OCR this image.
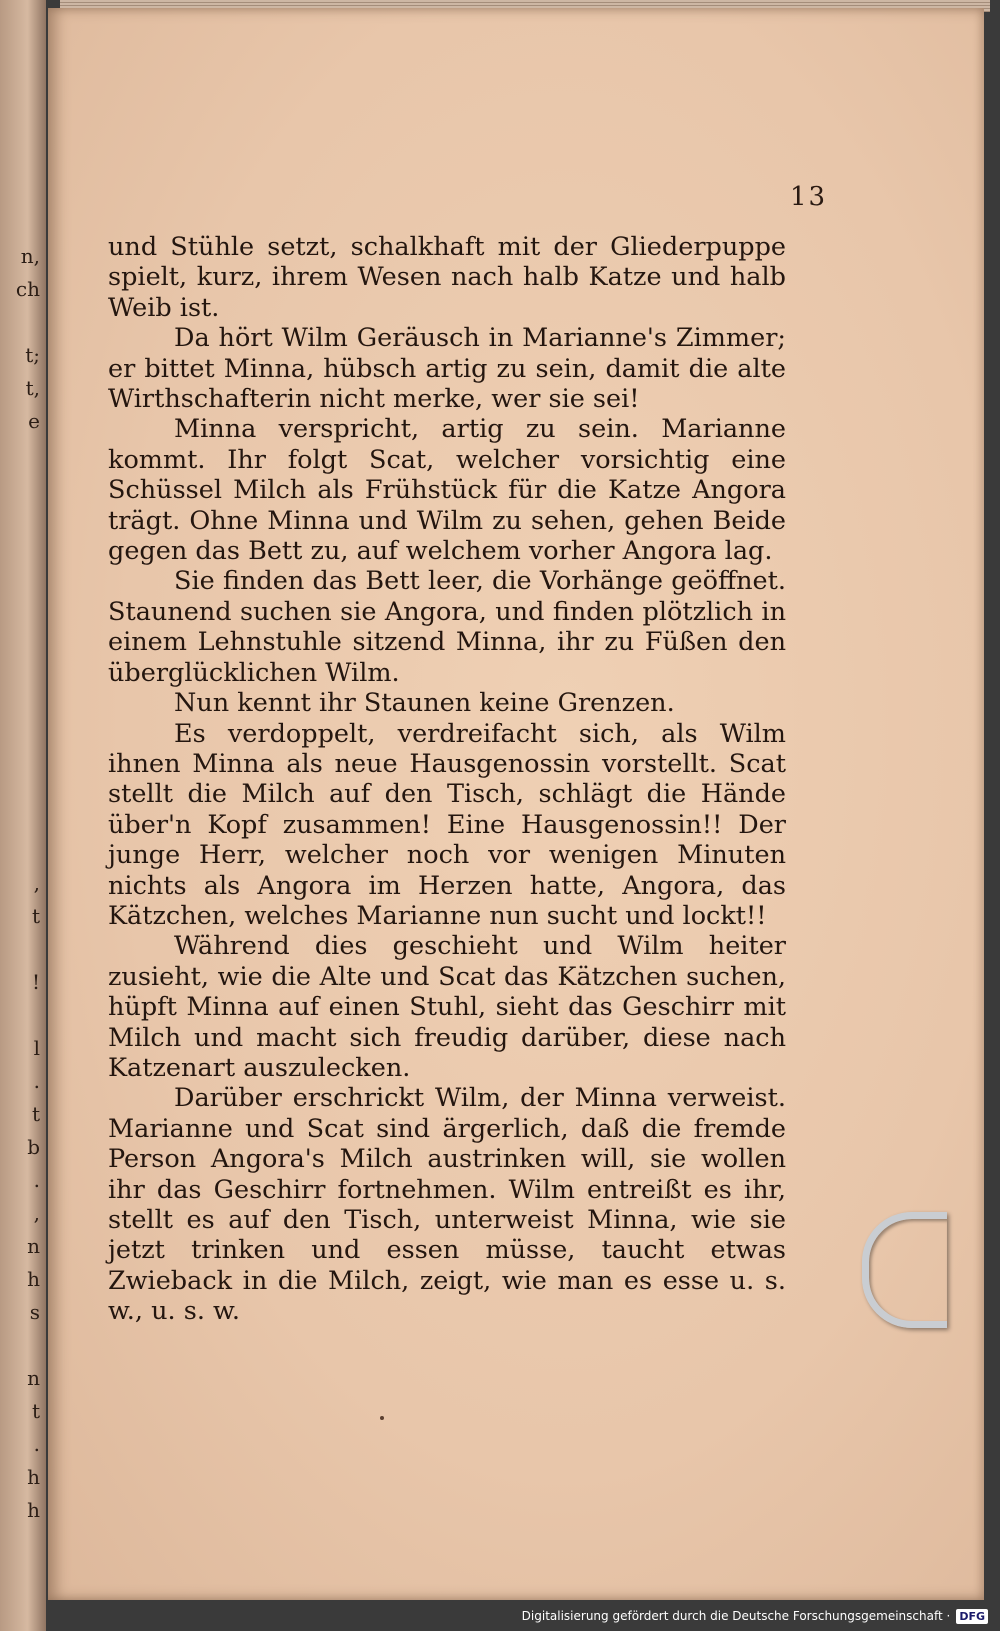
n,
ch
t;
t,
e
,
t
!
l
.
t
b
.
,
n
h
s
n
t
.
h
h
13

und Stühle setzt, schalkhaft mit der Gliederpuppe spielt, kurz, ihrem Wesen nach halb Katze und halb Weib ist.

Da hört Wilm Geräusch in Marianne's Zimmer; er bittet Minna, hübsch artig zu sein, damit die alte Wirthschafterin nicht merke, wer sie sei!

Minna verspricht, artig zu sein. Marianne kommt. Ihr folgt Scat, welcher vorsichtig eine Schüssel Milch als Frühstück für die Katze Angora trägt. Ohne Minna und Wilm zu sehen, gehen Beide gegen das Bett zu, auf welchem vorher Angora lag.

Sie finden das Bett leer, die Vorhänge geöffnet. Staunend suchen sie Angora, und finden plötzlich in einem Lehnstuhle sitzend Minna, ihr zu Füßen den überglücklichen Wilm.

Nun kennt ihr Staunen keine Grenzen.

Es verdoppelt, verdreifacht sich, als Wilm ihnen Minna als neue Hausgenossin vorstellt. Scat stellt die Milch auf den Tisch, schlägt die Hände über'n Kopf zusammen! Eine Hausgenossin!! Der junge Herr, welcher noch vor wenigen Minuten nichts als Angora im Herzen hatte, Angora, das Kätzchen, welches Marianne nun sucht und lockt!!

Während dies geschieht und Wilm heiter zusieht, wie die Alte und Scat das Kätzchen suchen, hüpft Minna auf einen Stuhl, sieht das Geschirr mit Milch und macht sich freudig darüber, diese nach Katzenart auszulecken.

Darüber erschrickt Wilm, der Minna verweist. Marianne und Scat sind ärgerlich, daß die fremde Person Angora's Milch austrinken will, sie wollen ihr das Geschirr fortnehmen. Wilm entreißt es ihr, stellt es auf den Tisch, unterweist Minna, wie sie jetzt trinken und essen müsse, taucht etwas Zwieback in die Milch, zeigt, wie man es esse u. s. w., u. s. w.

Digitalisierung gefördert durch die Deutsche Forschungsgemeinschaft · DFG
